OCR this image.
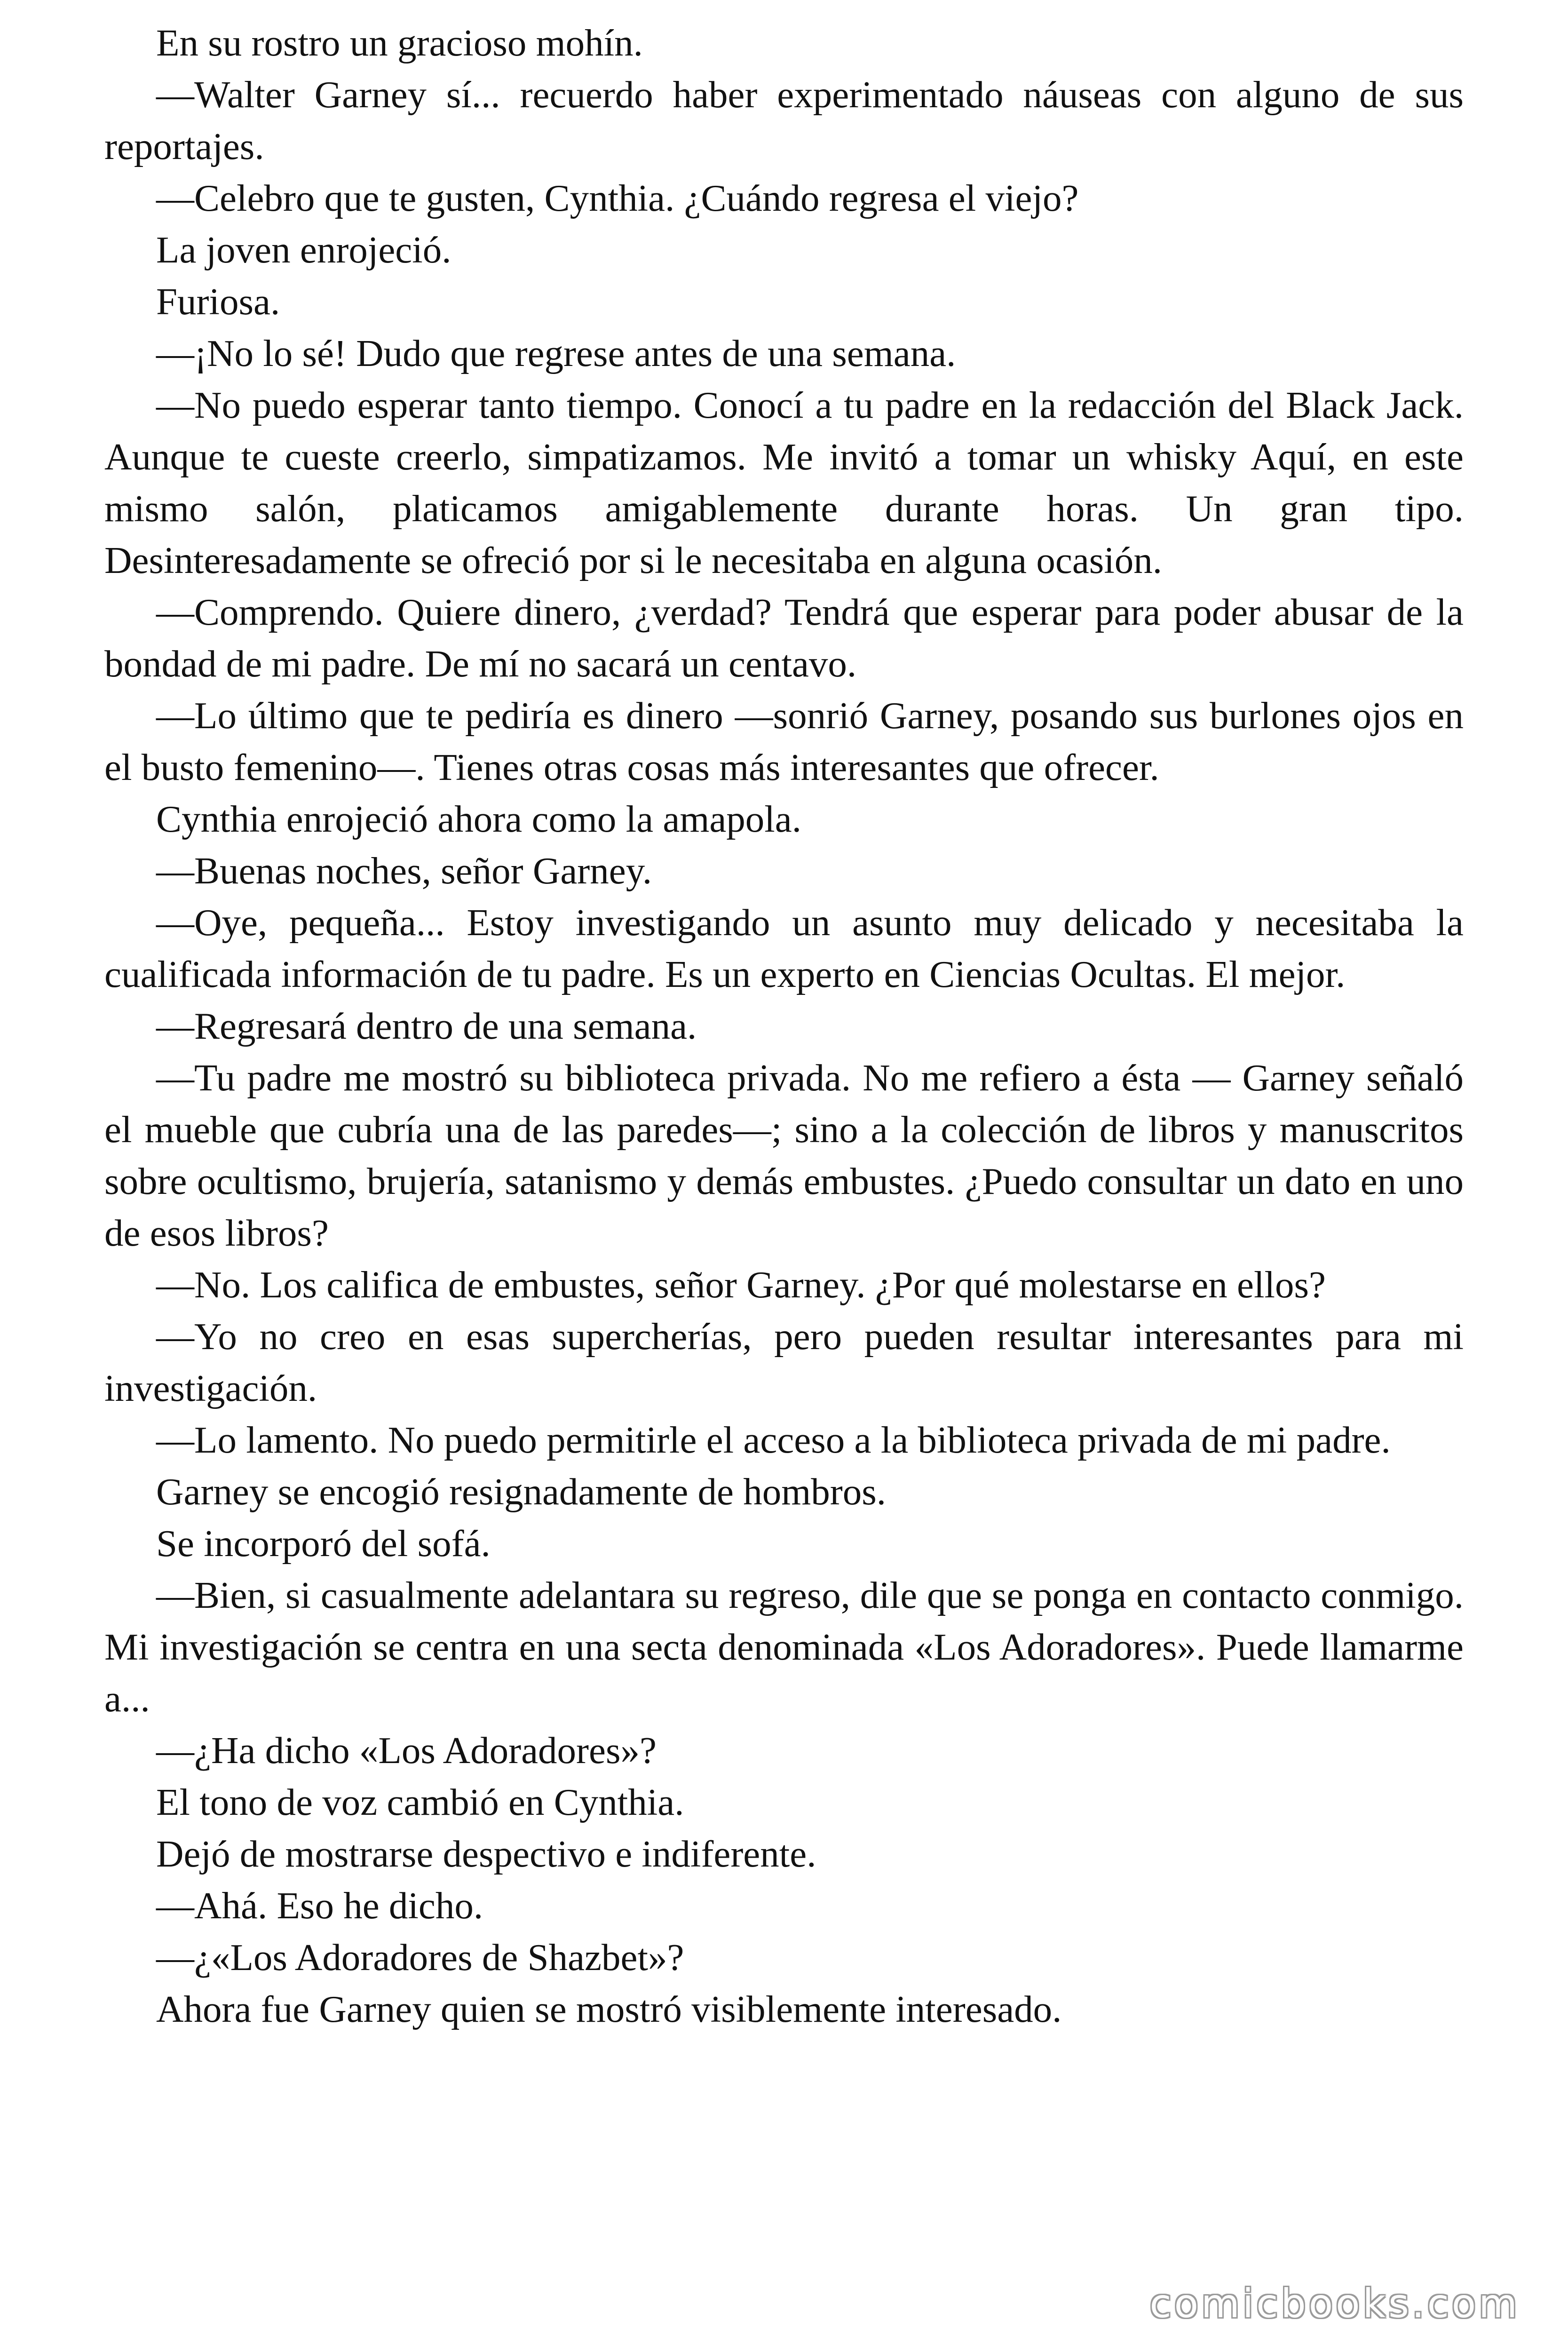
En su rostro un gracioso mohín.

—Walter Garney sí... recuerdo haber experimentado náuseas con alguno de sus reportajes.

—Celebro que te gusten, Cynthia. ¿Cuándo regresa el viejo?

La joven enrojeció.

Furiosa.

—¡No lo sé! Dudo que regrese antes de una semana.

—No puedo esperar tanto tiempo. Conocí a tu padre en la redacción del Black Jack. Aunque te cueste creerlo, simpatizamos. Me invitó a tomar un whisky Aquí, en este mismo salón, platicamos amigablemente durante horas. Un gran tipo. Desinteresadamente se ofreció por si le necesitaba en alguna ocasión.

—Comprendo. Quiere dinero, ¿verdad? Tendrá que esperar para poder abusar de la bondad de mi padre. De mí no sacará un centavo.

—Lo último que te pediría es dinero —sonrió Garney, posando sus burlones ojos en el busto femenino—. Tienes otras cosas más interesantes que ofrecer.

Cynthia enrojeció ahora como la amapola.

—Buenas noches, señor Garney.

—Oye, pequeña... Estoy investigando un asunto muy delicado y necesitaba la cualificada información de tu padre. Es un experto en Ciencias Ocultas. El mejor.

—Regresará dentro de una semana.

—Tu padre me mostró su biblioteca privada. No me refiero a ésta — Garney señaló el mueble que cubría una de las paredes—; sino a la colección de libros y manuscritos sobre ocultismo, brujería, satanismo y demás embustes. ¿Puedo consultar un dato en uno de esos libros?

—No. Los califica de embustes, señor Garney. ¿Por qué molestarse en ellos?

—Yo no creo en esas supercherías, pero pueden resultar interesantes para mi investigación.

—Lo lamento. No puedo permitirle el acceso a la biblioteca privada de mi padre.

Garney se encogió resignadamente de hombros.

Se incorporó del sofá.

—Bien, si casualmente adelantara su regreso, dile que se ponga en contacto conmigo. Mi investigación se centra en una secta denominada «Los Adoradores». Puede llamarme a...

—¿Ha dicho «Los Adoradores»?

El tono de voz cambió en Cynthia.

Dejó de mostrarse despectivo e indiferente.

—Ahá. Eso he dicho.

—¿«Los Adoradores de Shazbet»?

Ahora fue Garney quien se mostró visiblemente interesado.

comicbooks.com
